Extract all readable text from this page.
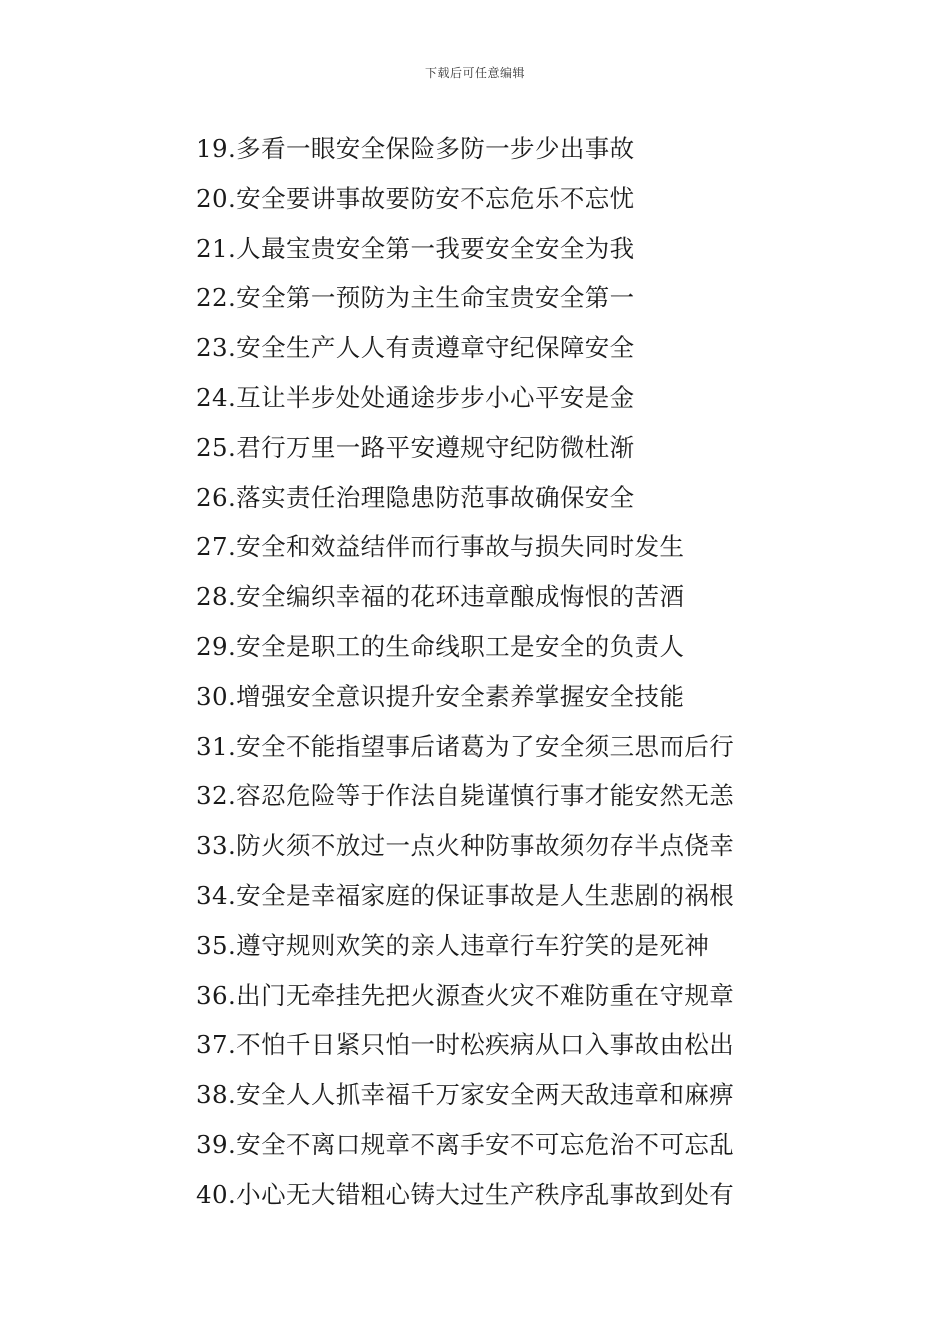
下载后可任意编辑
19.多看一眼安全保险多防一步少出事故
20.安全要讲事故要防安不忘危乐不忘忧
21.人最宝贵安全第一我要安全安全为我
22.安全第一预防为主生命宝贵安全第一
23.安全生产人人有责遵章守纪保障安全
24.互让半步处处通途步步小心平安是金
25.君行万里一路平安遵规守纪防微杜渐
26.落实责任治理隐患防范事故确保安全
27.安全和效益结伴而行事故与损失同时发生
28.安全编织幸福的花环违章酿成悔恨的苦酒
29.安全是职工的生命线职工是安全的负责人
30.增强安全意识提升安全素养掌握安全技能
31.安全不能指望事后诸葛为了安全须三思而后行
32.容忍危险等于作法自毙谨慎行事才能安然无恙
33.防火须不放过一点火种防事故须勿存半点侥幸
34.安全是幸福家庭的保证事故是人生悲剧的祸根
35.遵守规则欢笑的亲人违章行车狞笑的是死神
36.出门无牵挂先把火源查火灾不难防重在守规章
37.不怕千日紧只怕一时松疾病从口入事故由松出
38.安全人人抓幸福千万家安全两天敌违章和麻痹
39.安全不离口规章不离手安不可忘危治不可忘乱
40.小心无大错粗心铸大过生产秩序乱事故到处有
